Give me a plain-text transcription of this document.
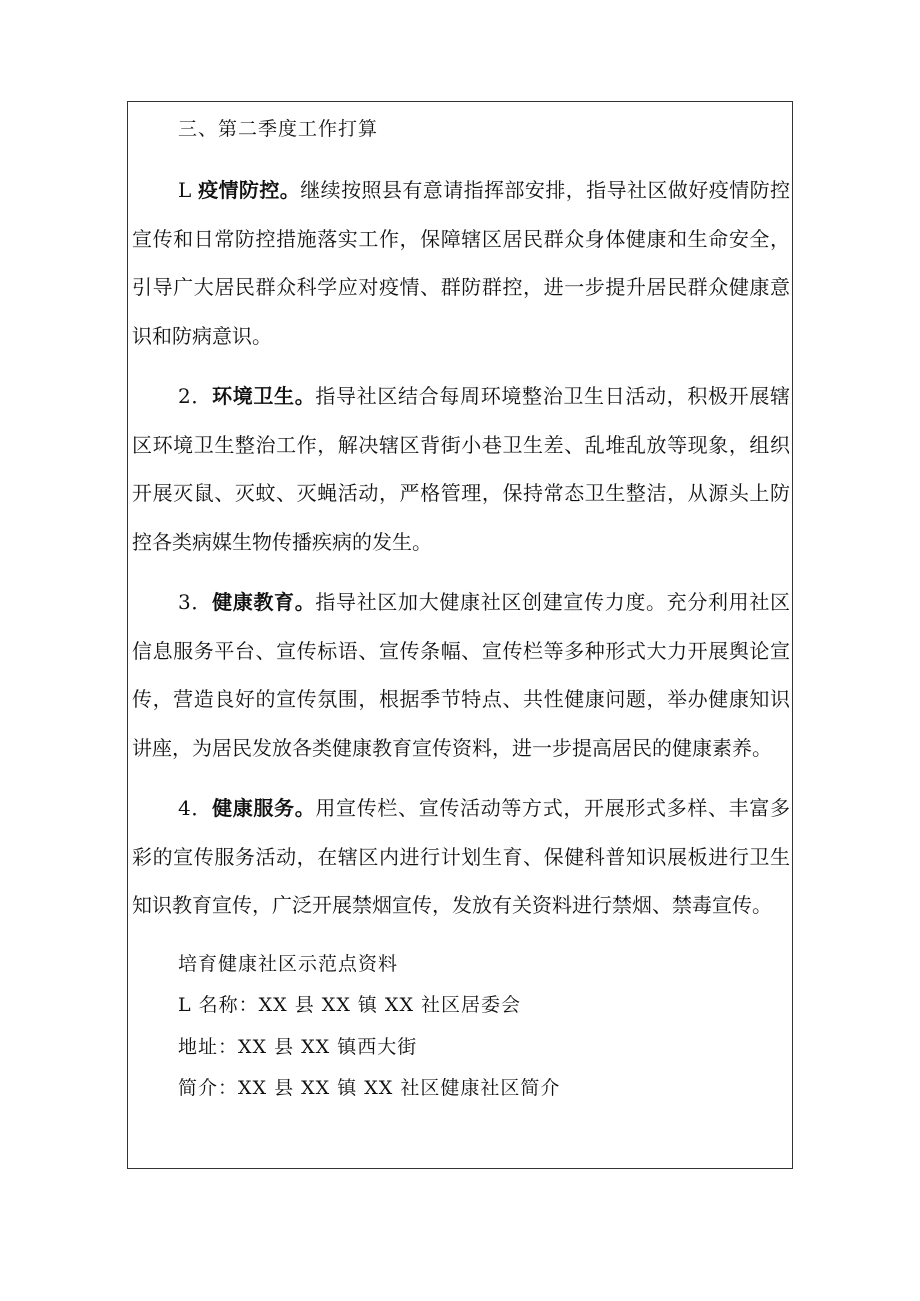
三、第二季度工作打算

L 疫情防控。继续按照县有意请指挥部安排，指导社区做好疫情防控宣传和日常防控措施落实工作，保障辖区居民群众身体健康和生命安全，引导广大居民群众科学应对疫情、群防群控，进一步提升居民群众健康意识和防病意识。

2．环境卫生。指导社区结合每周环境整治卫生日活动，积极开展辖区环境卫生整治工作，解决辖区背街小巷卫生差、乱堆乱放等现象，组织开展灭鼠、灭蚊、灭蝇活动，严格管理，保持常态卫生整洁，从源头上防控各类病媒生物传播疾病的发生。

3．健康教育。指导社区加大健康社区创建宣传力度。充分利用社区信息服务平台、宣传标语、宣传条幅、宣传栏等多种形式大力开展舆论宣传，营造良好的宣传氛围，根据季节特点、共性健康问题，举办健康知识讲座，为居民发放各类健康教育宣传资料，进一步提高居民的健康素养。

4．健康服务。用宣传栏、宣传活动等方式，开展形式多样、丰富多彩的宣传服务活动，在辖区内进行计划生育、保健科普知识展板进行卫生知识教育宣传，广泛开展禁烟宣传，发放有关资料进行禁烟、禁毒宣传。

培育健康社区示范点资料
L 名称：XX 县 XX 镇 XX 社区居委会
地址：XX 县 XX 镇西大街
简介：XX 县 XX 镇 XX 社区健康社区简介
